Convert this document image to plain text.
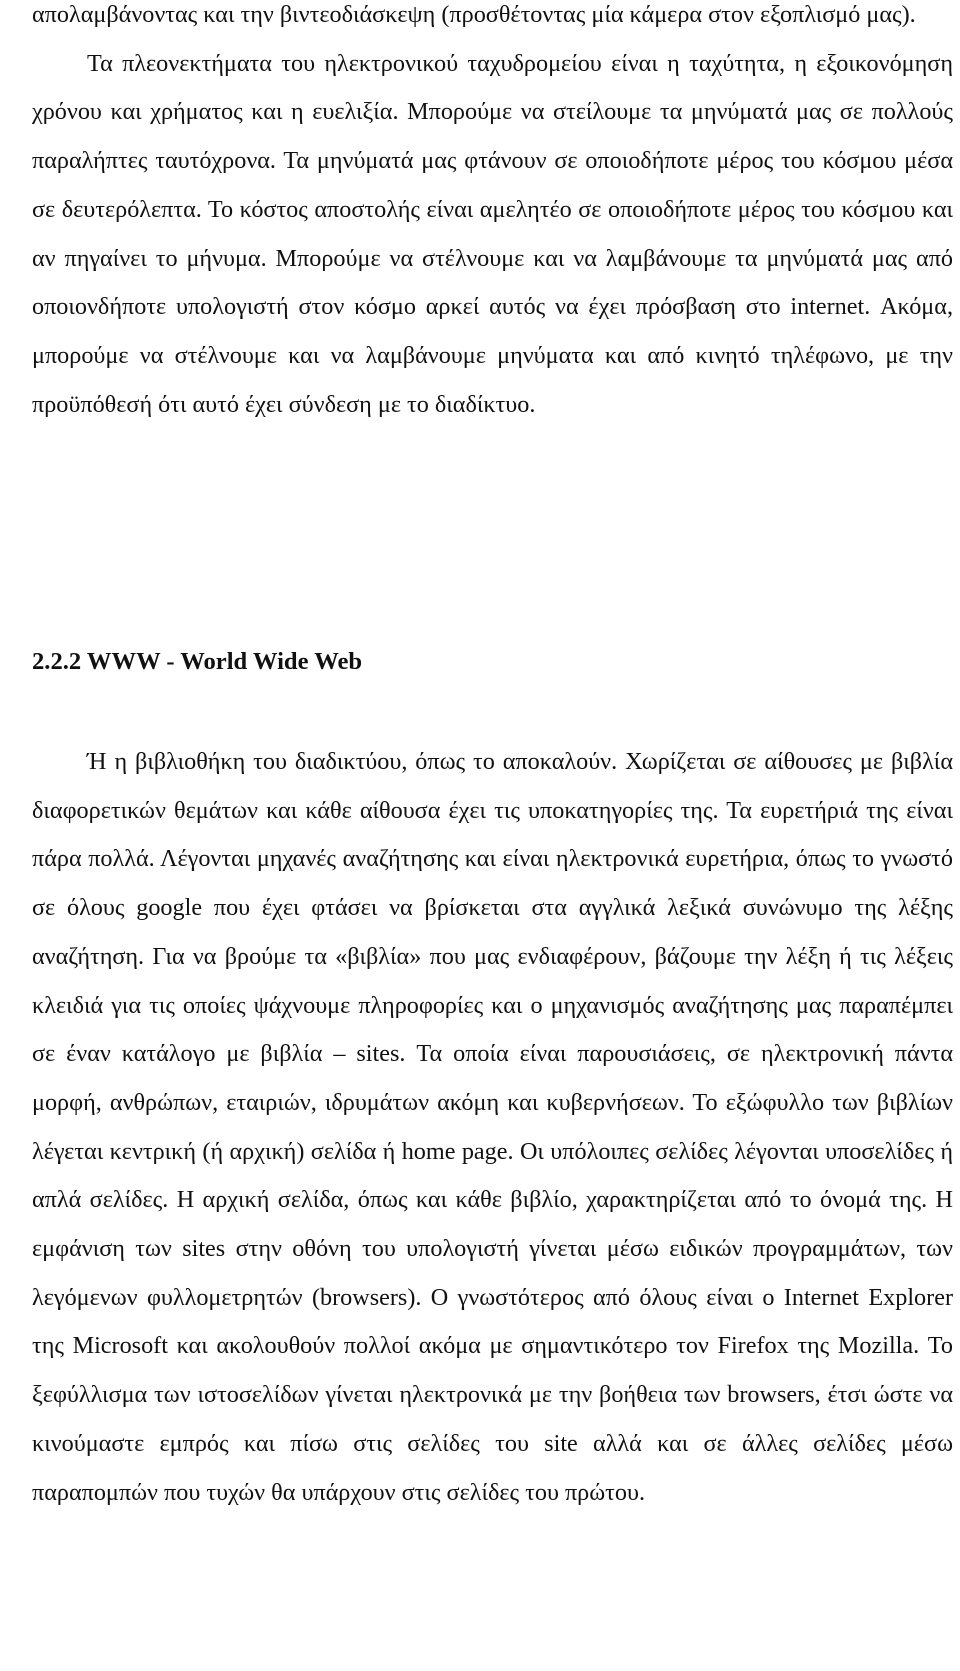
απολαμβάνοντας και την βιντεοδιάσκεψη (προσθέτοντας μία κάμερα στον εξοπλισμό μας).

Τα πλεονεκτήματα του ηλεκτρονικού ταχυδρομείου είναι η ταχύτητα, η εξοικονόμηση χρόνου και χρήματος και η ευελιξία. Μπορούμε να στείλουμε τα μηνύματά μας σε πολλούς παραλήπτες ταυτόχρονα. Τα μηνύματά μας φτάνουν σε οποιοδήποτε μέρος του κόσμου μέσα σε δευτερόλεπτα. Το κόστος αποστολής είναι αμελητέο σε οποιοδήποτε μέρος του κόσμου και αν πηγαίνει το μήνυμα. Μπορούμε να στέλνουμε και να λαμβάνουμε τα μηνύματά μας από οποιονδήποτε υπολογιστή στον κόσμο αρκεί αυτός να έχει πρόσβαση στο internet. Ακόμα, μπορούμε να στέλνουμε και να λαμβάνουμε μηνύματα και από κινητό τηλέφωνο, με την προϋπόθεσή ότι αυτό έχει σύνδεση με το διαδίκτυο.

2.2.2 WWW - World Wide Web

Ή η βιβλιοθήκη του διαδικτύου, όπως το αποκαλούν. Χωρίζεται σε αίθουσες με βιβλία διαφορετικών θεμάτων και κάθε αίθουσα έχει τις υποκατηγορίες της. Τα ευρετήριά της είναι πάρα πολλά. Λέγονται μηχανές αναζήτησης και είναι ηλεκτρονικά ευρετήρια, όπως το γνωστό σε όλους google που έχει φτάσει να βρίσκεται στα αγγλικά λεξικά συνώνυμο της λέξης αναζήτηση. Για να βρούμε τα «βιβλία» που μας ενδιαφέρουν, βάζουμε την λέξη ή τις λέξεις κλειδιά για τις οποίες ψάχνουμε πληροφορίες και ο μηχανισμός αναζήτησης μας παραπέμπει σε έναν κατάλογο με βιβλία – sites. Τα οποία είναι παρουσιάσεις, σε ηλεκτρονική πάντα μορφή, ανθρώπων, εταιριών, ιδρυμάτων ακόμη και κυβερνήσεων. Το εξώφυλλο των βιβλίων λέγεται κεντρική (ή αρχική) σελίδα ή home page. Οι υπόλοιπες σελίδες λέγονται υποσελίδες ή απλά σελίδες. Η αρχική σελίδα, όπως και κάθε βιβλίο, χαρακτηρίζεται από το όνομά της. Η εμφάνιση των sites στην οθόνη του υπολογιστή γίνεται μέσω ειδικών προγραμμάτων, των λεγόμενων φυλλομετρητών (browsers). Ο γνωστότερος από όλους είναι ο Internet Explorer της Microsoft και ακολουθούν πολλοί ακόμα με σημαντικότερο τον Firefox της Mozilla. Το ξεφύλλισμα των ιστοσελίδων γίνεται ηλεκτρονικά με την βοήθεια των browsers, έτσι ώστε να κινούμαστε εμπρός και πίσω στις σελίδες του site αλλά και σε άλλες σελίδες μέσω παραπομπών που τυχών θα υπάρχουν στις σελίδες του πρώτου.
